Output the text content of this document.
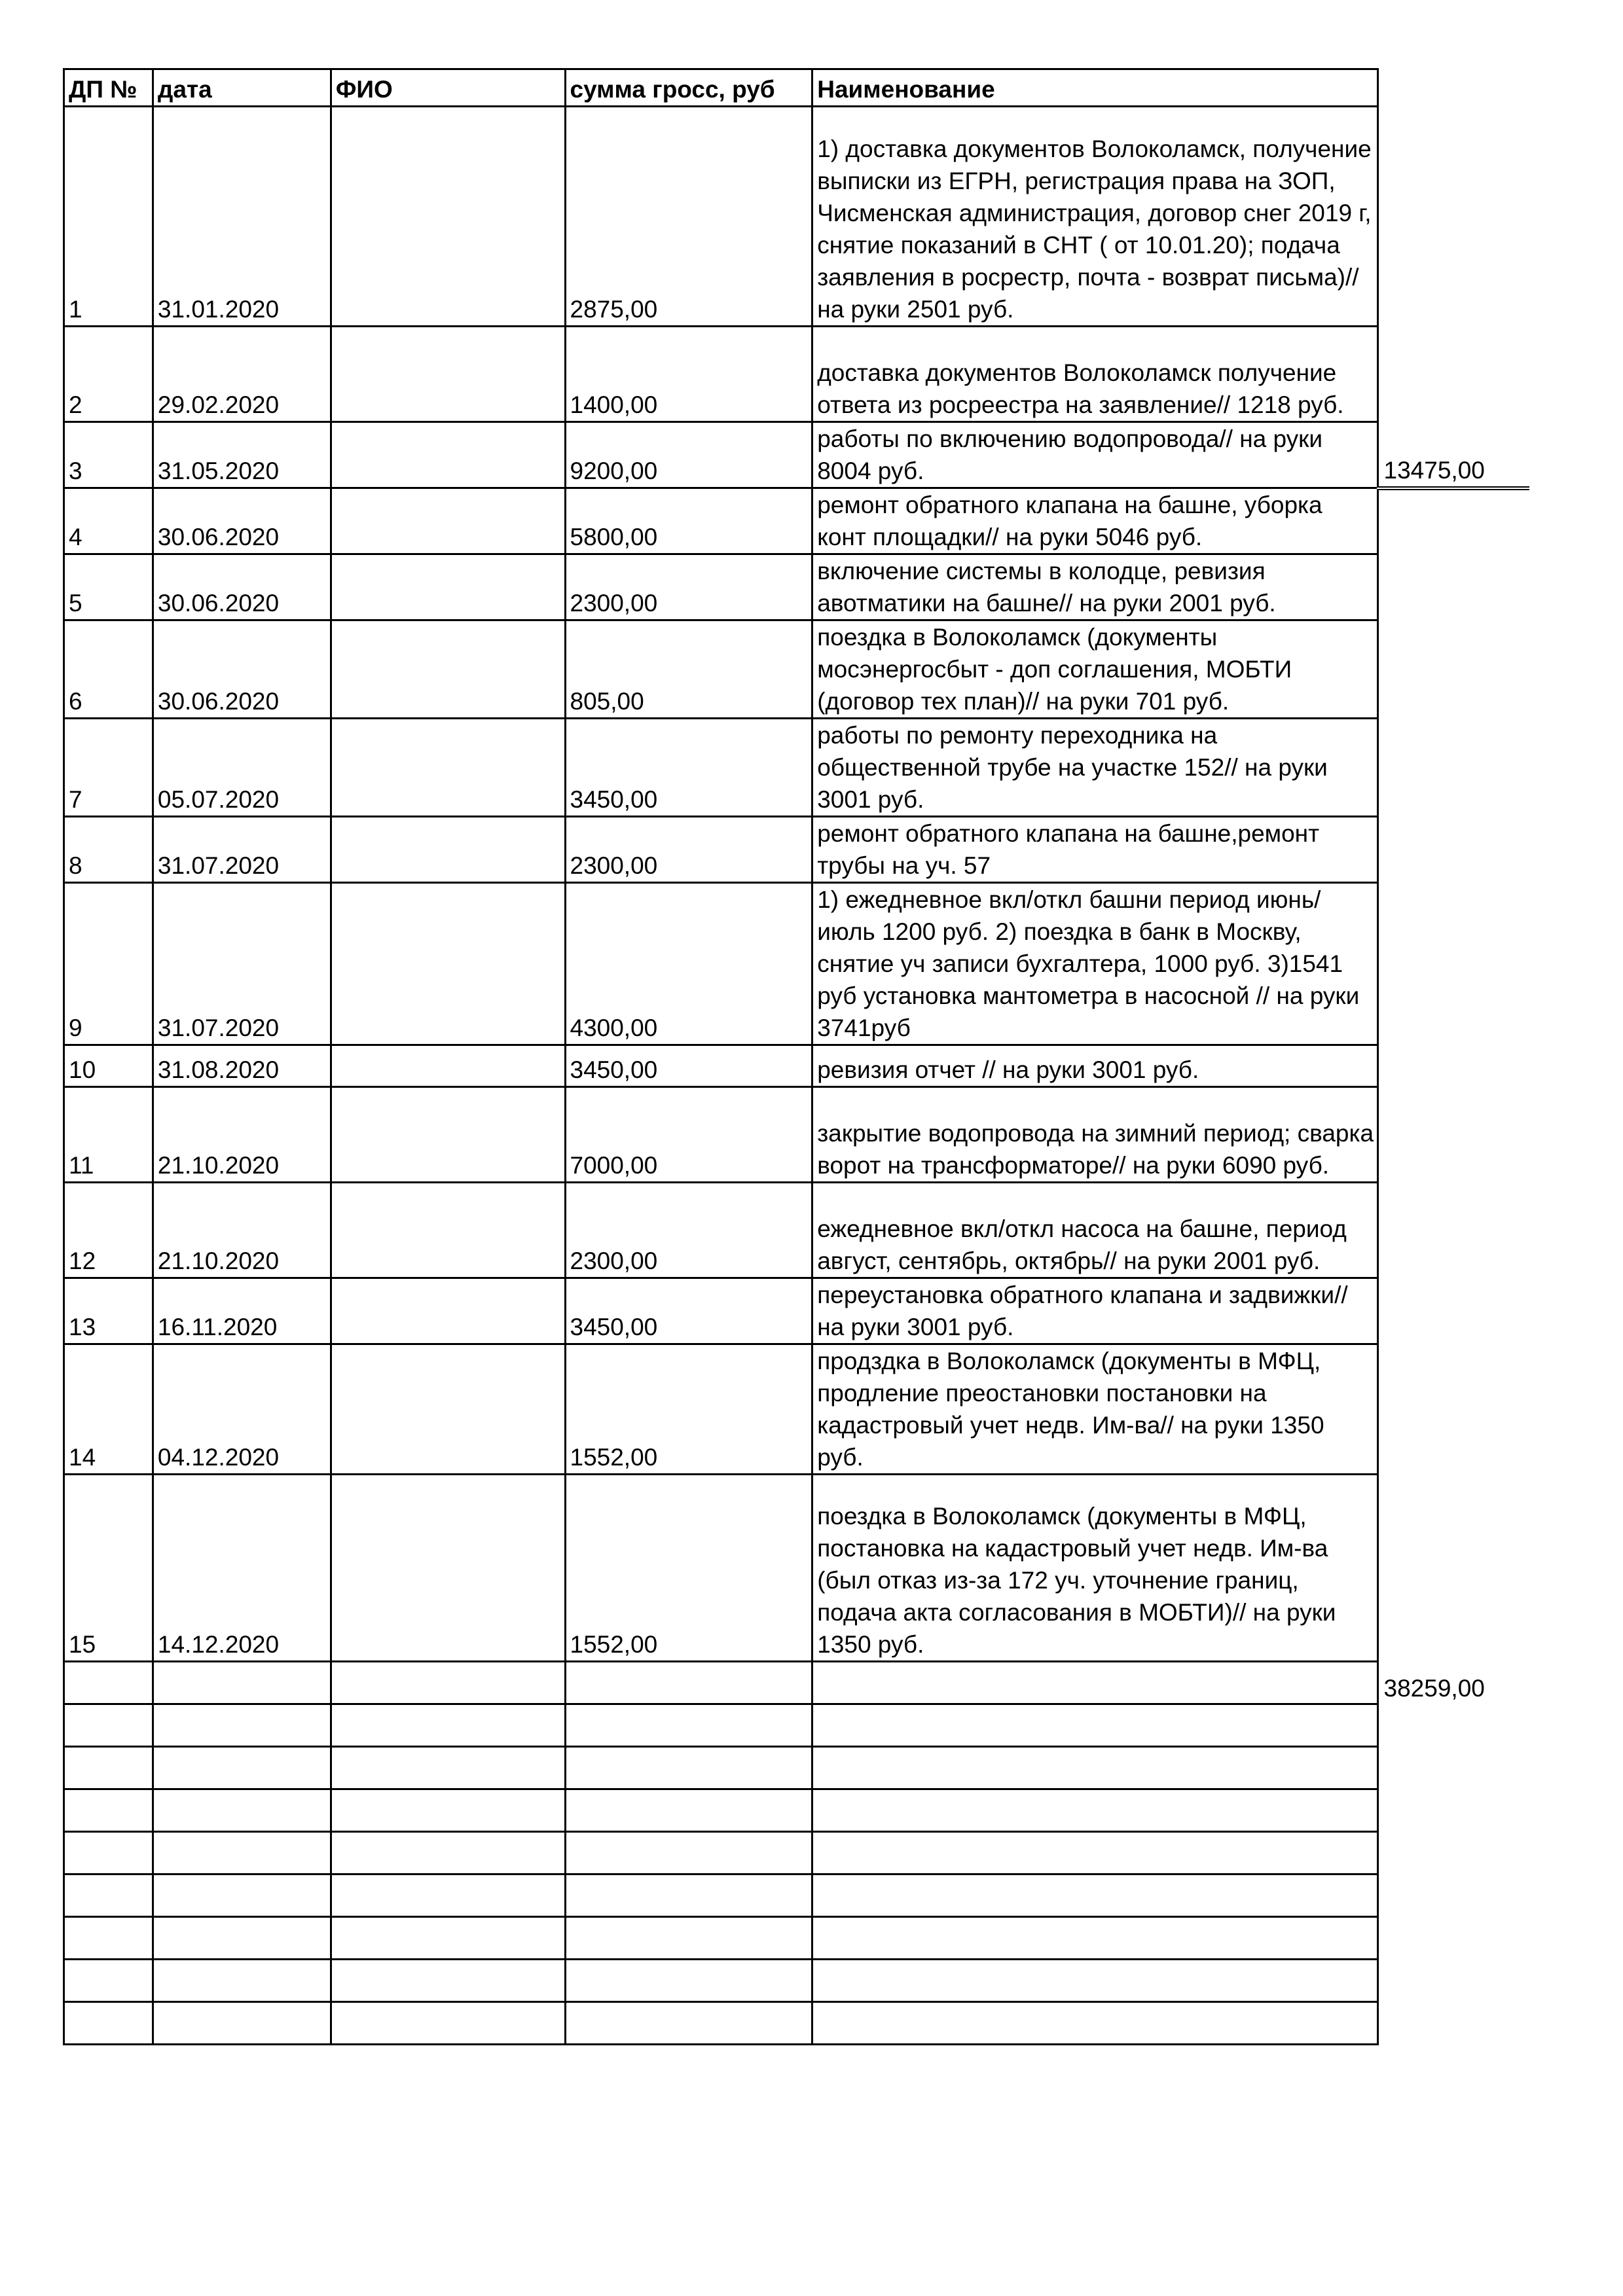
ДП №	дата	ФИО	сумма гросс, руб	Наименование	
1	31.01.2020		2875,00	1) доставка документов Волоколамск, получение выписки из ЕГРН, регистрация права на ЗОП, Чисменская администрация, договор снег 2019 г, снятие показаний в СНТ ( от 10.01.20); подача заявления в росрестр, почта - возврат письма)//на руки 2501 руб.	
2	29.02.2020		1400,00	доставка документов Волоколамск получение ответа из росреестра на заявление// 1218 руб.	
3	31.05.2020		9200,00	работы по включению водопровода// на руки 8004 руб.	13475,00
4	30.06.2020		5800,00	ремонт обратного клапана на башне, уборка конт площадки// на руки 5046 руб.	
5	30.06.2020		2300,00	включение системы в колодце, ревизия авотматики на башне// на руки 2001 руб.	
6	30.06.2020		805,00	поездка в Волоколамск (документы мосэнергосбыт - доп соглашения, МОБТИ (договор тех план)// на руки 701 руб.	
7	05.07.2020		3450,00	работы по ремонту переходника на общественной трубе на участке 152// на руки 3001 руб.	
8	31.07.2020		2300,00	ремонт обратного клапана на башне,ремонт трубы на уч. 57	
9	31.07.2020		4300,00	1) ежедневное вкл/откл башни период июнь/июль 1200 руб. 2) поездка в банк в Москву, снятие уч записи бухгалтера, 1000 руб. 3)1541 руб установка мантометра в насосной // на руки 3741руб	
10	31.08.2020		3450,00	ревизия отчет // на руки 3001 руб.	
11	21.10.2020		7000,00	закрытие водопровода на зимний период; сварка ворот на трансформаторе// на руки 6090 руб.	
12	21.10.2020		2300,00	ежедневное вкл/откл насоса на башне, период август, сентябрь, октябрь// на руки 2001 руб.	
13	16.11.2020		3450,00	переустановка обратного клапана и задвижки// на руки 3001 руб.	
14	04.12.2020		1552,00	продздка в Волоколамск (документы в МФЦ, продление преостановки постановки на кадастровый учет недв. Им-ва// на руки 1350 руб.	
15	14.12.2020		1552,00	поездка в Волоколамск (документы в МФЦ, постановка на кадастровый учет недв. Им-ва (был отказ из-за 172 уч. уточнение границ, подача акта согласования в МОБТИ)// на руки 1350 руб.	
					38259,00
